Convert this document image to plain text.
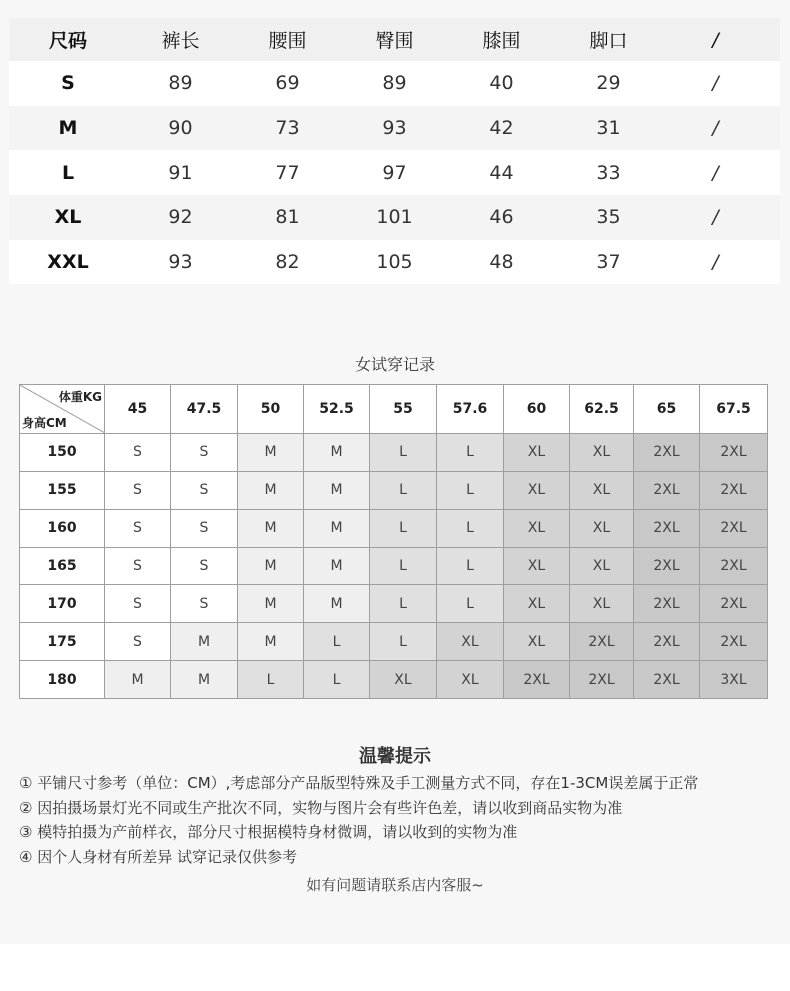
尺码	裤长	腰围	臀围	膝围	脚口	/
S	89	69	89	40	29	/
M	90	73	93	42	31	/
L	91	77	97	44	33	/
XL	92	81	101	46	35	/
XXL	93	82	105	48	37	/
女试穿记录
体重KG
身高CM	45	47.5	50	52.5	55	57.6	60	62.5	65	67.5
150	S	S	M	M	L	L	XL	XL	2XL	2XL
155	S	S	M	M	L	L	XL	XL	2XL	2XL
160	S	S	M	M	L	L	XL	XL	2XL	2XL
165	S	S	M	M	L	L	XL	XL	2XL	2XL
170	S	S	M	M	L	L	XL	XL	2XL	2XL
175	S	M	M	L	L	XL	XL	2XL	2XL	2XL
180	M	M	L	L	XL	XL	2XL	2XL	2XL	3XL
温馨提示
① 平铺尺寸参考（单位：CM）,考虑部分产品版型特殊及手工测量方式不同，存在1-3CM误差属于正常
② 因拍摄场景灯光不同或生产批次不同，实物与图片会有些许色差，请以收到商品实物为准
③ 模特拍摄为产前样衣，部分尺寸根据模特身材微调，请以收到的实物为准
④ 因个人身材有所差异 试穿记录仅供参考
如有问题请联系店内客服~
